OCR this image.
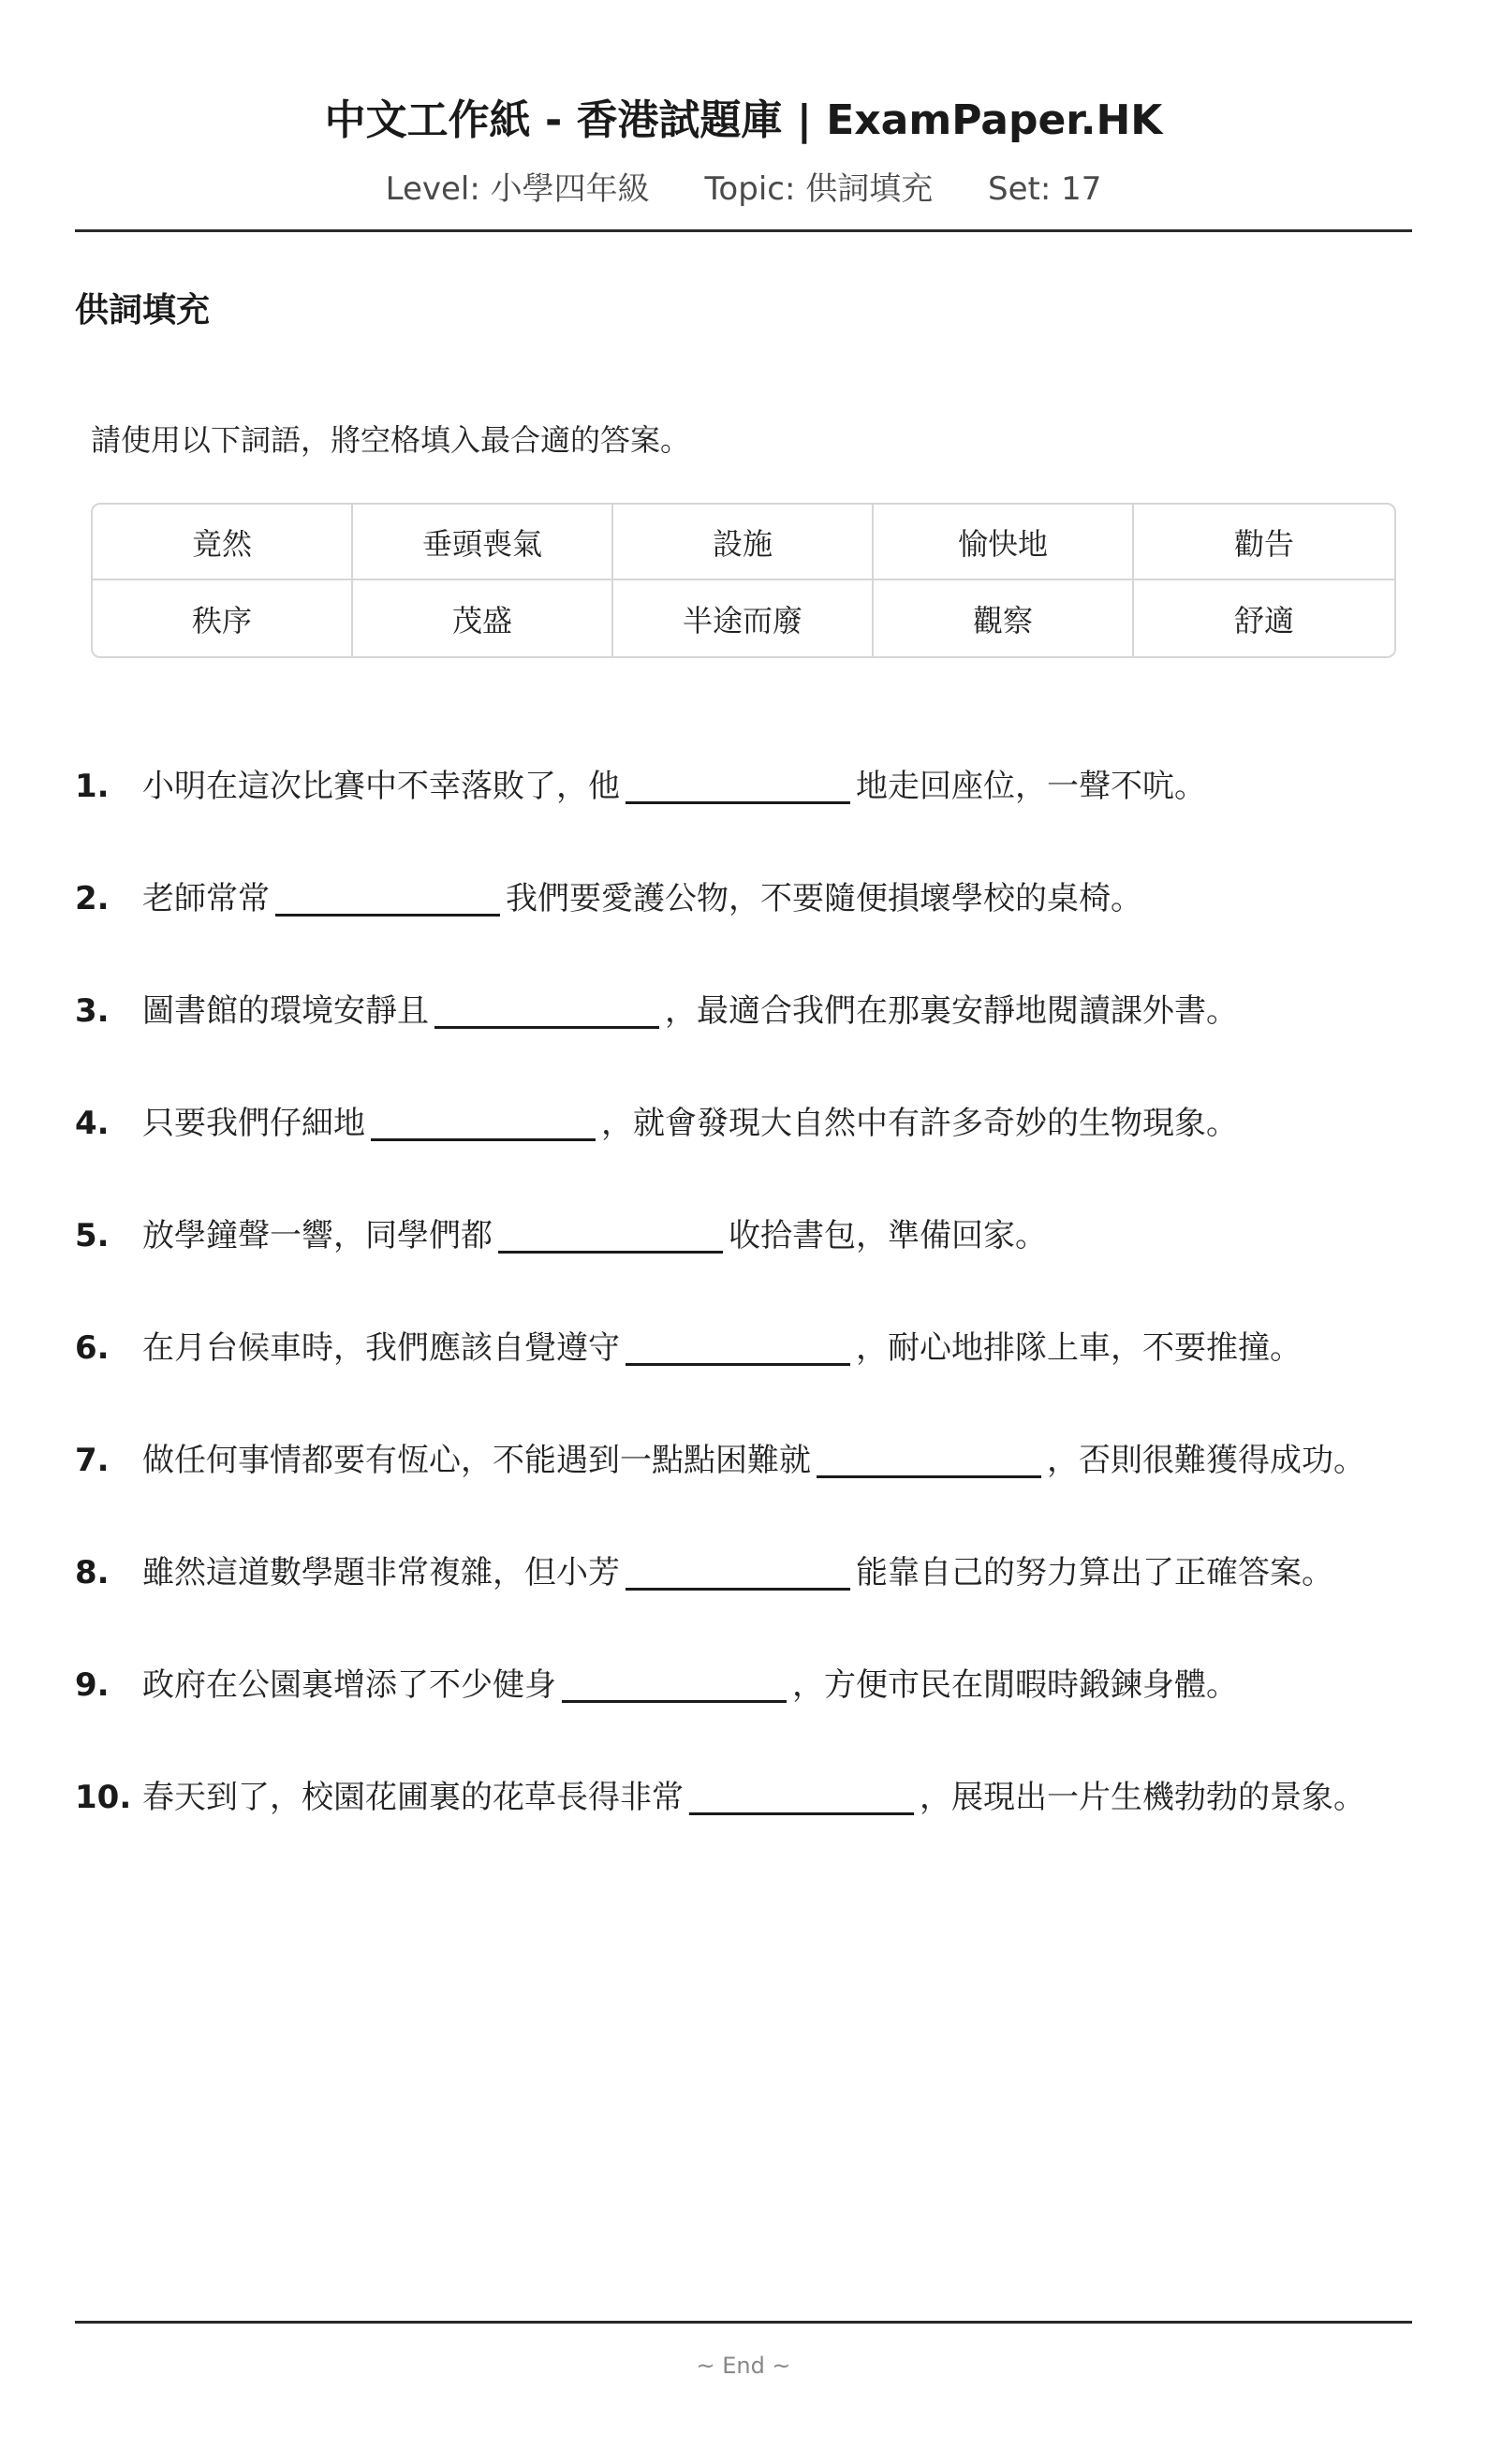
中文工作紙 - 香港試題庫 | ExamPaper.HK
Level: 小學四年級 Topic: 供詞填充 Set: 17
供詞填充
請使用以下詞語，將空格填入最合適的答案。
竟然	垂頭喪氣	設施	愉快地	勸告
秩序	茂盛	半途而廢	觀察	舒適
1.	小明在這次比賽中不幸落敗了，他	地走回座位，一聲不吭。
2.	老師常常	我們要愛護公物，不要隨便損壞學校的桌椅。
3.	圖書館的環境安靜且	，最適合我們在那裏安靜地閱讀課外書。
4.	只要我們仔細地	，就會發現大自然中有許多奇妙的生物現象。
5.	放學鐘聲一響，同學們都	收拾書包，準備回家。
6.	在月台候車時，我們應該自覺遵守	，耐心地排隊上車，不要推撞。
7.	做任何事情都要有恆心，不能遇到一點點困難就	，否則很難獲得成功。
8.	雖然這道數學題非常複雜，但小芳	能靠自己的努力算出了正確答案。
9.	政府在公園裏增添了不少健身	，方便市民在閒暇時鍛鍊身體。
10. 春天到了，校園花圃裏的花草長得非常	，展現出一片生機勃勃的景象。
~ End ~
